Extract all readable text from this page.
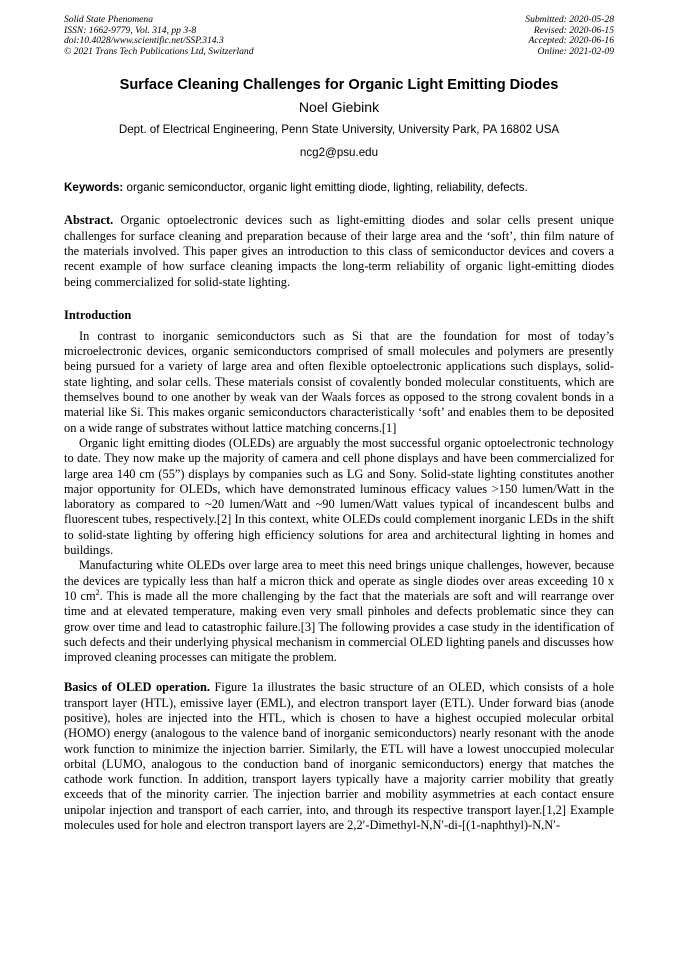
Solid State Phenomena
ISSN: 1662-9779, Vol. 314, pp 3-8
doi:10.4028/www.scientific.net/SSP.314.3
© 2021 Trans Tech Publications Ltd, Switzerland
Submitted: 2020-05-28
Revised: 2020-06-15
Accepted: 2020-06-16
Online: 2021-02-09
Surface Cleaning Challenges for Organic Light Emitting Diodes
Noel Giebink
Dept. of Electrical Engineering, Penn State University, University Park, PA 16802 USA
ncg2@psu.edu
Keywords: organic semiconductor, organic light emitting diode, lighting, reliability, defects.

Abstract. Organic optoelectronic devices such as light-emitting diodes and solar cells present unique challenges for surface cleaning and preparation because of their large area and the ‘soft’, thin film nature of the materials involved. This paper gives an introduction to this class of semiconductor devices and covers a recent example of how surface cleaning impacts the long-term reliability of organic light-emitting diodes being commercialized for solid-state lighting.

Introduction

In contrast to inorganic semiconductors such as Si that are the foundation for most of today’s microelectronic devices, organic semiconductors comprised of small molecules and polymers are presently being pursued for a variety of large area and often flexible optoelectronic applications such displays, solid-state lighting, and solar cells. These materials consist of covalently bonded molecular constituents, which are themselves bound to one another by weak van der Waals forces as opposed to the strong covalent bonds in a material like Si. This makes organic semiconductors characteristically ‘soft’ and enables them to be deposited on a wide range of substrates without lattice matching concerns.[1]

Organic light emitting diodes (OLEDs) are arguably the most successful organic optoelectronic technology to date. They now make up the majority of camera and cell phone displays and have been commercialized for large area 140 cm (55”) displays by companies such as LG and Sony. Solid-state lighting constitutes another major opportunity for OLEDs, which have demonstrated luminous efficacy values >150 lumen/Watt in the laboratory as compared to ~20 lumen/Watt and ~90 lumen/Watt values typical of incandescent bulbs and fluorescent tubes, respectively.[2] In this context, white OLEDs could complement inorganic LEDs in the shift to solid-state lighting by offering high efficiency solutions for area and architectural lighting in homes and buildings.

Manufacturing white OLEDs over large area to meet this need brings unique challenges, however, because the devices are typically less than half a micron thick and operate as single diodes over areas exceeding 10 x 10 $cm^2$. This is made all the more challenging by the fact that the materials are soft and will rearrange over time and at elevated temperature, making even very small pinholes and defects problematic since they can grow over time and lead to catastrophic failure.[3] The following provides a case study in the identification of such defects and their underlying physical mechanism in commercial OLED lighting panels and discusses how improved cleaning processes can mitigate the problem.

Basics of OLED operation. Figure 1a illustrates the basic structure of an OLED, which consists of a hole transport layer (HTL), emissive layer (EML), and electron transport layer (ETL). Under forward bias (anode positive), holes are injected into the HTL, which is chosen to have a highest occupied molecular orbital (HOMO) energy (analogous to the valence band of inorganic semiconductors) nearly resonant with the anode work function to minimize the injection barrier. Similarly, the ETL will have a lowest unoccupied molecular orbital (LUMO, analogous to the conduction band of inorganic semiconductors) energy that matches the cathode work function. In addition, transport layers typically have a majority carrier mobility that greatly exceeds that of the minority carrier. The injection barrier and mobility asymmetries at each contact ensure unipolar injection and transport of each carrier, into, and through its respective transport layer.[1,2] Example molecules used for hole and electron transport layers are 2,2′-Dimethyl-N,N′-di-[(1-naphthyl)-N,N′-
